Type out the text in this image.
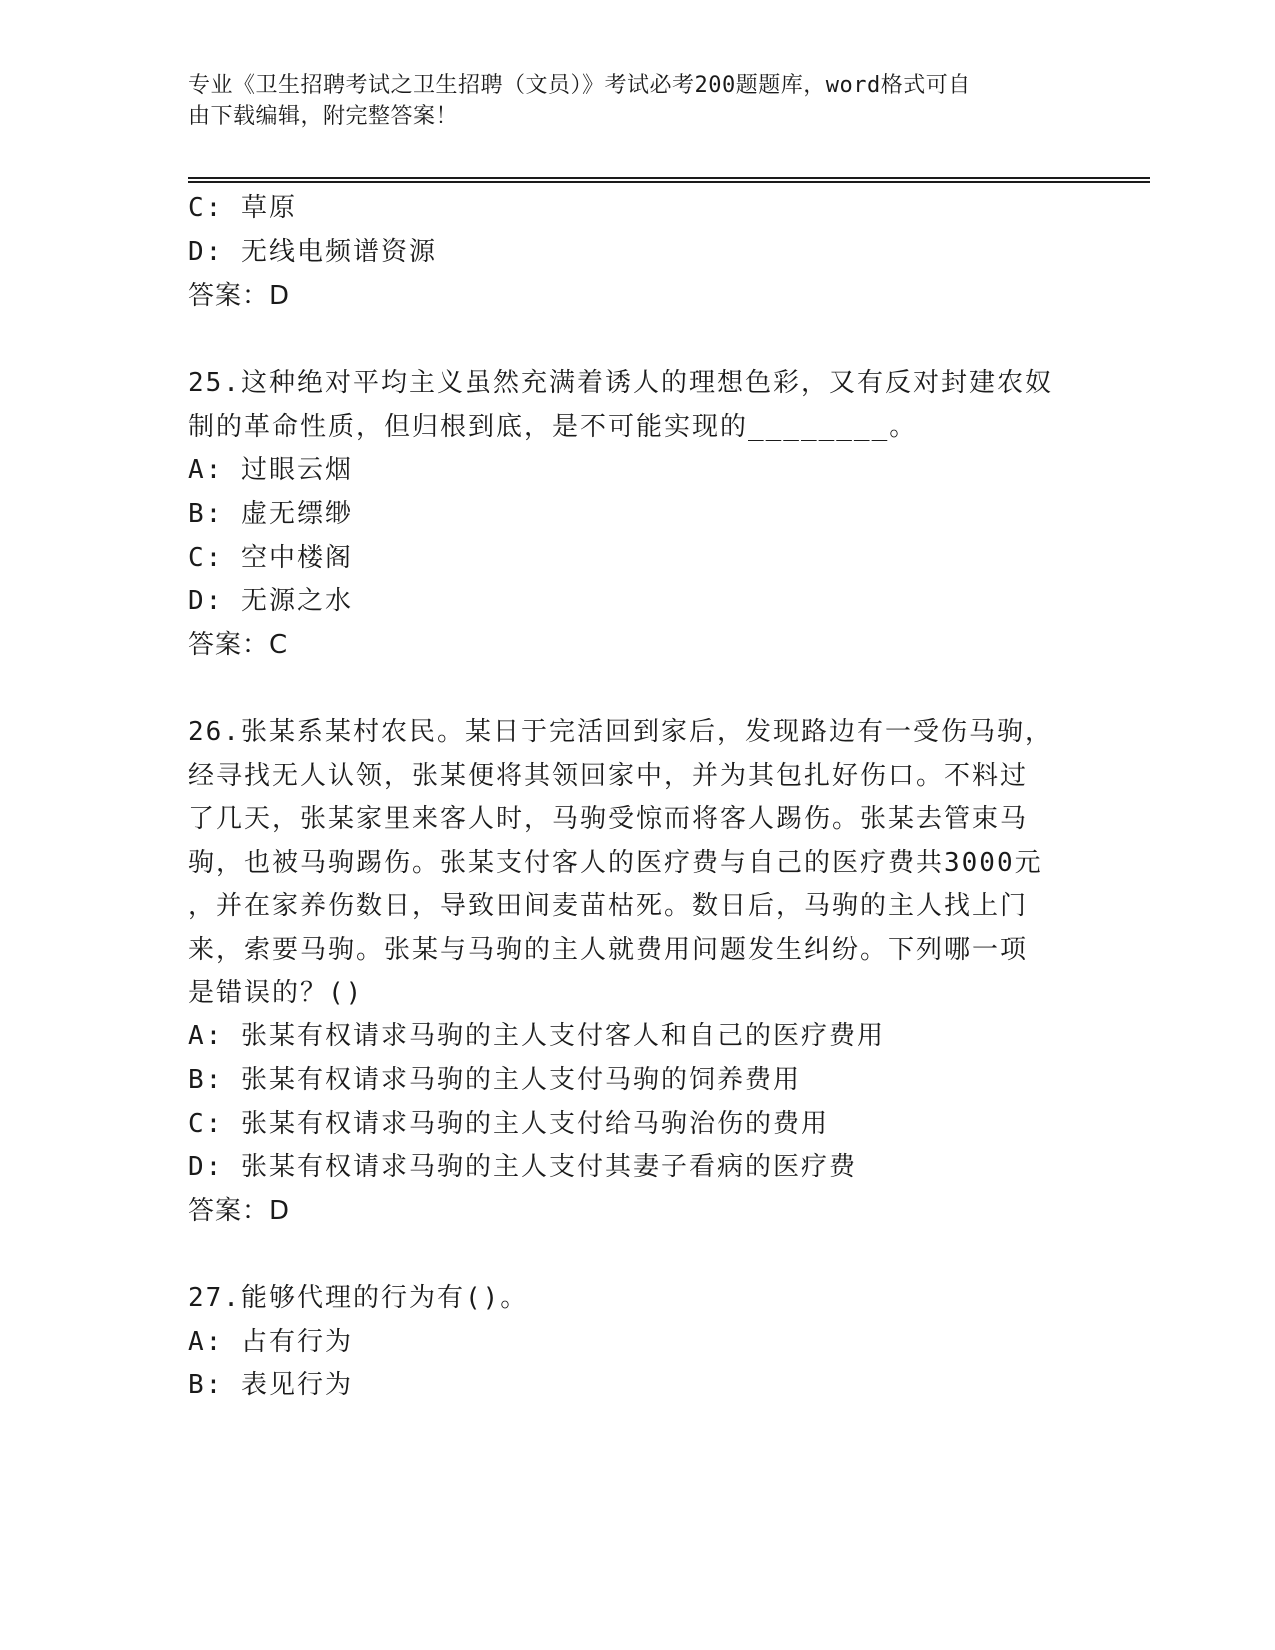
专业《卫生招聘考试之卫生招聘（文员）》考试必考200题题库，word格式可自
由下载编辑，附完整答案！
C: 草原
D: 无线电频谱资源
答案：D
25.这种绝对平均主义虽然充满着诱人的理想色彩，又有反对封建农奴
制的革命性质，但归根到底，是不可能实现的________。
A: 过眼云烟
B: 虚无缥缈
C: 空中楼阁
D: 无源之水
答案：C
26.张某系某村农民。某日于完活回到家后，发现路边有一受伤马驹，
经寻找无人认领，张某便将其领回家中，并为其包扎好伤口。不料过
了几天，张某家里来客人时，马驹受惊而将客人踢伤。张某去管束马
驹，也被马驹踢伤。张某支付客人的医疗费与自己的医疗费共3000元
，并在家养伤数日，导致田间麦苗枯死。数日后，马驹的主人找上门
来，索要马驹。张某与马驹的主人就费用问题发生纠纷。下列哪一项
是错误的？()
A: 张某有权请求马驹的主人支付客人和自己的医疗费用
B: 张某有权请求马驹的主人支付马驹的饲养费用
C: 张某有权请求马驹的主人支付给马驹治伤的费用
D: 张某有权请求马驹的主人支付其妻子看病的医疗费
答案：D
27.能够代理的行为有()。
A: 占有行为
B: 表见行为
